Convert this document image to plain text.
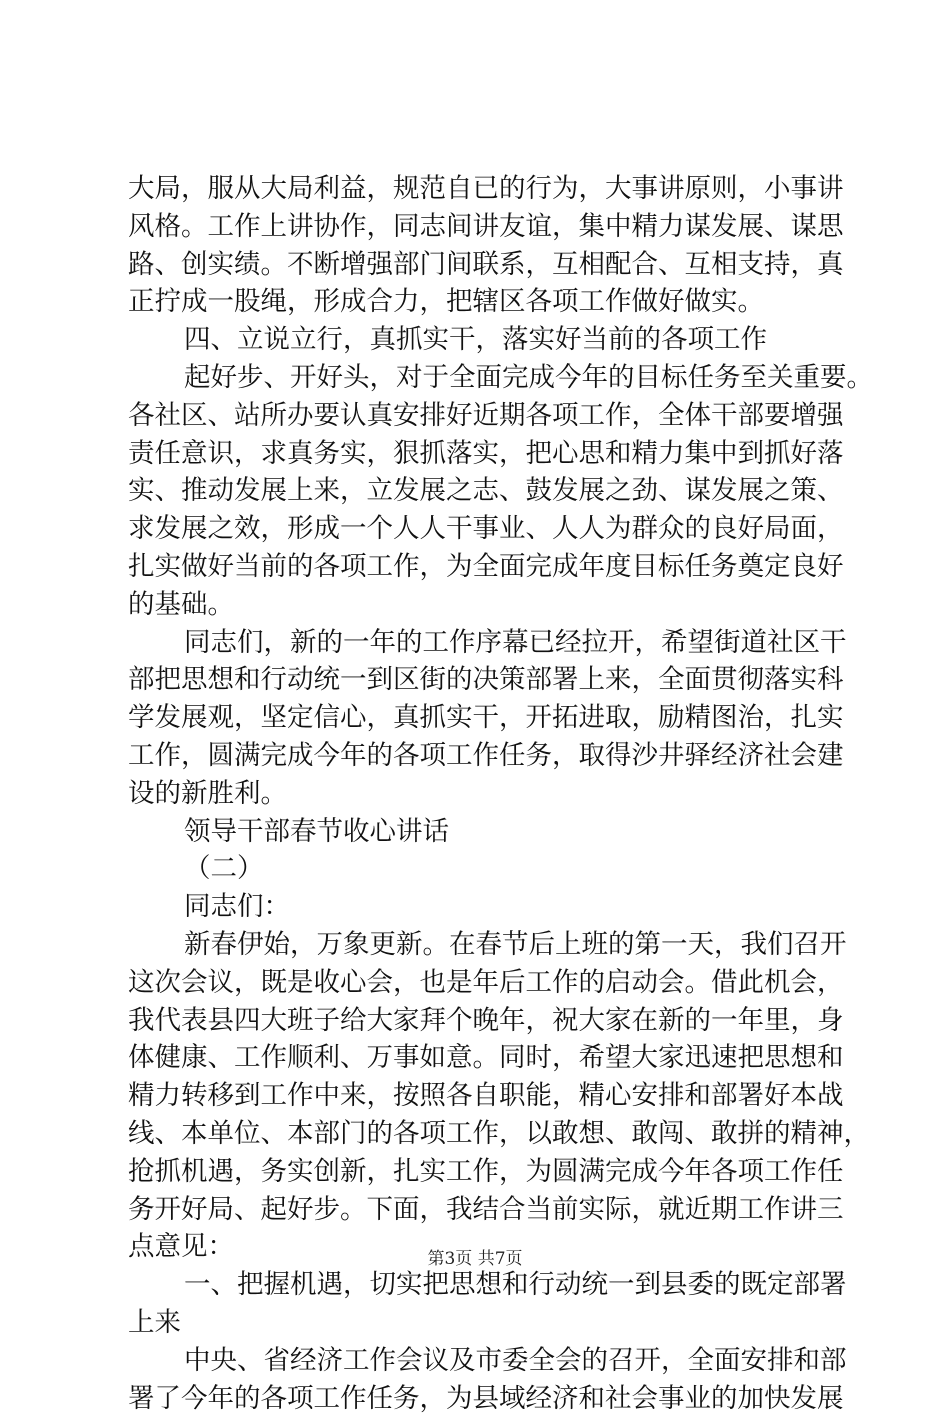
大局，服从大局利益，规范自已的行为，大事讲原则，小事讲
风格。工作上讲协作，同志间讲友谊，集中精力谋发展、谋思
路、创实绩。不断增强部门间联系，互相配合、互相支持，真
正拧成一股绳，形成合力，把辖区各项工作做好做实。
四、立说立行，真抓实干，落实好当前的各项工作
起好步、开好头，对于全面完成今年的目标任务至关重要。
各社区、站所办要认真安排好近期各项工作，全体干部要增强
责任意识，求真务实，狠抓落实，把心思和精力集中到抓好落
实、推动发展上来，立发展之志、鼓发展之劲、谋发展之策、
求发展之效，形成一个人人干事业、人人为群众的良好局面，
扎实做好当前的各项工作，为全面完成年度目标任务奠定良好
的基础。
同志们，新的一年的工作序幕已经拉开，希望街道社区干
部把思想和行动统一到区街的决策部署上来，全面贯彻落实科
学发展观，坚定信心，真抓实干，开拓进取，励精图治，扎实
工作，圆满完成今年的各项工作任务，取得沙井驿经济社会建
设的新胜利。
领导干部春节收心讲话
（二）
同志们：
新春伊始，万象更新。在春节后上班的第一天，我们召开
这次会议，既是收心会，也是年后工作的启动会。借此机会，
我代表县四大班子给大家拜个晚年，祝大家在新的一年里，身
体健康、工作顺利、万事如意。同时，希望大家迅速把思想和
精力转移到工作中来，按照各自职能，精心安排和部署好本战
线、本单位、本部门的各项工作，以敢想、敢闯、敢拼的精神，
抢抓机遇，务实创新，扎实工作，为圆满完成今年各项工作任
务开好局、起好步。下面，我结合当前实际，就近期工作讲三
点意见：
一、把握机遇，切实把思想和行动统一到县委的既定部署
上来
中央、省经济工作会议及市委全会的召开，全面安排和部
署了今年的各项工作任务，为县域经济和社会事业的加快发展
第3页 共7页
